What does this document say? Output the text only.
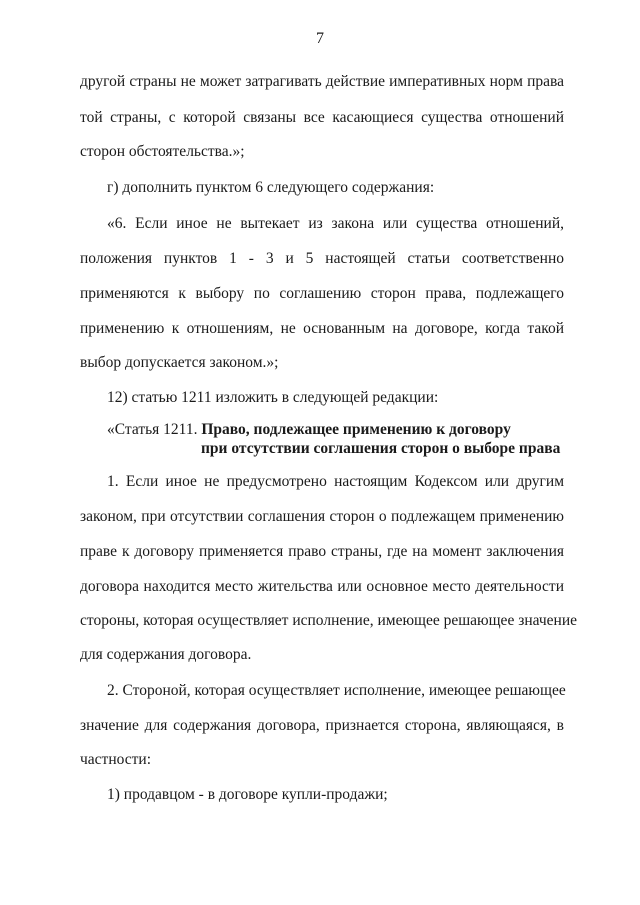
7
другой страны не может затрагивать действие императивных норм права
той страны, с которой связаны все касающиеся существа отношений
сторон обстоятельства.»;
г) дополнить пунктом 6 следующего содержания:
«6. Если иное не вытекает из закона или существа отношений,
положения пунктов 1 - 3 и 5 настоящей статьи соответственно
применяются к выбору по соглашению сторон права, подлежащего
применению к отношениям, не основанным на договоре, когда такой
выбор допускается законом.»;
12) статью 1211 изложить в следующей редакции:
«Статья 1211. Право, подлежащее применению к договору
при отсутствии соглашения сторон о выборе права
1. Если иное не предусмотрено настоящим Кодексом или другим
законом, при отсутствии соглашения сторон о подлежащем применению
праве к договору применяется право страны, где на момент заключения
договора находится место жительства или основное место деятельности
стороны, которая осуществляет исполнение, имеющее решающее значение
для содержания договора.
2. Стороной, которая осуществляет исполнение, имеющее решающее
значение для содержания договора, признается сторона, являющаяся, в
частности:
1) продавцом - в договоре купли-продажи;
